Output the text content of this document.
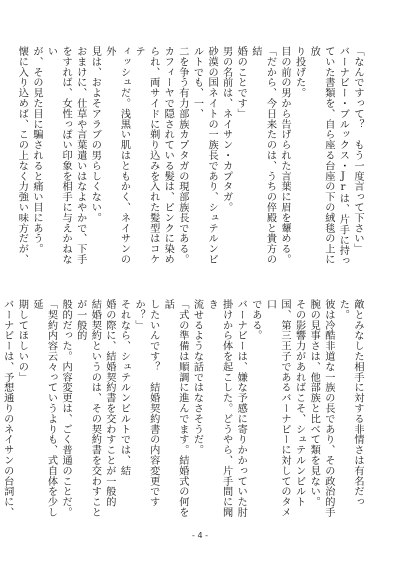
「なんですって？　もう一度言って下さい」
バーナビー・ブルックス・Jrは、片手に持っ
ていた書類を、自ら座る台座の下の絨毯の上に放
り投げた。
目の前の男から告げられた言葉に眉を顰める。
「だから、今日来たのは、うちの倅殿と貴方の結
婚のことです」
男の名前は、ネイサン・カプタガ。
砂漠の国ネイトの一族長であり、シュテルンビルトでも、一、
二を争う有力部族カプタガの現部族長である。
カフィーヤで隠されている髪は、ピンクに染め
られ、両サイドに剃り込みを入れた髪型はコケテ
ィッシュだ。浅黒い肌はともかく、ネイサンの外
見は、およそアラブの男らしくない。
おまけに、仕草や言葉遣いはなよやかで、下手
をすれば、女性っぽい印象を相手に与えかねない
が、その見た目に騙されると痛い目にあう。
懐に入り込めば、この上なく力強い味方だが、
敵とみなした相手に対する非情さは有名だった。
彼は冷酷非道な一族の長であり、その政治的手
腕の見事さは、他部族と比べて類を見ない。
その影響力があればこそ、シュテルンビルト
国、第三王子であるバーナビーに対してのタメ口
である。
バーナビーは、嫌な予感に寄りかかっていた肘
掛けから体を起こした。どうやら、片手間に聞き
流せるような話ではなさそうだ。
「式の準備は順調に進んでます。結婚式の何を話
したいんです？　結婚契約書の内容変更ですか？」
それなら、シュテルンビルトでは、結
婚の際に、結婚契約書を交わすことが一般的
結婚契約というのは、その契約書を交わすことが一般的
般的だった。内容変更は、ごく普通のことだ。
「契約内容云々っていうよりも、式自体を少し延
期してほしいの」
バーナビーは、予想通りのネイサンの台詞に、
- 4 -
